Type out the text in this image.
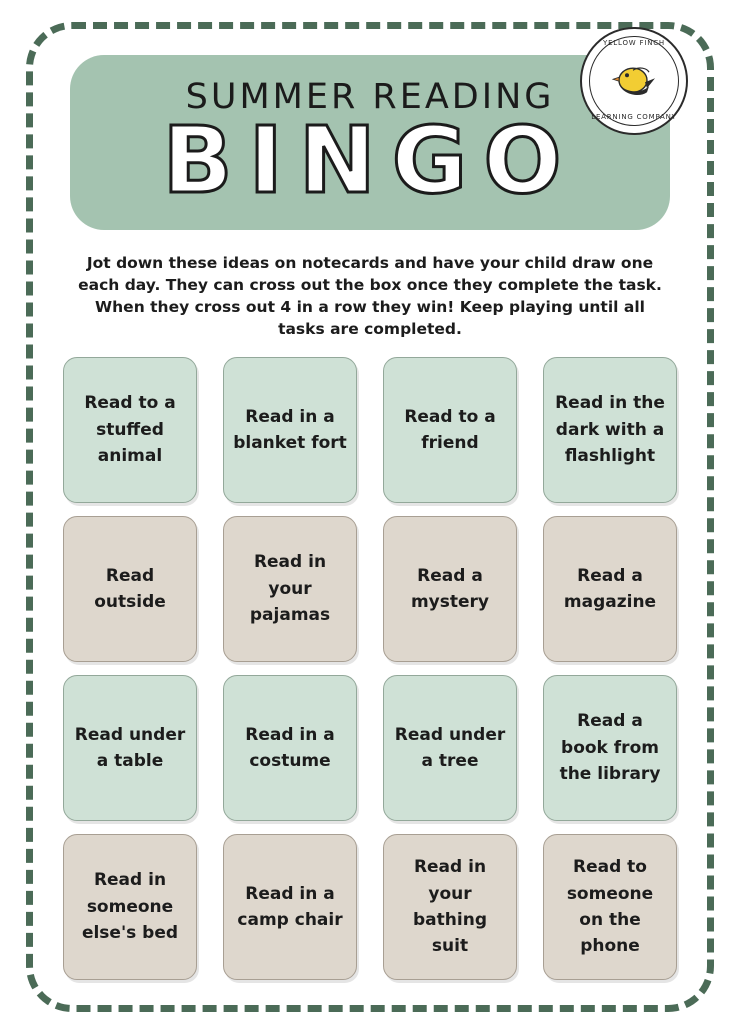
SUMMER READING
BINGO
YELLOW FINCH
LEARNING COMPANY
Jot down these ideas on notecards and have your child draw one each day. They can cross out the box once they complete the task. When they cross out 4 in a row they win! Keep playing until all tasks are completed.
Read to a stuffed animal
Read in a blanket fort
Read to a friend
Read in the dark with a flashlight
Read outside
Read in your pajamas
Read a mystery
Read a magazine
Read under a table
Read in a costume
Read under a tree
Read a book from the library
Read in someone else's bed
Read in a camp chair
Read in your bathing suit
Read to someone on the phone
